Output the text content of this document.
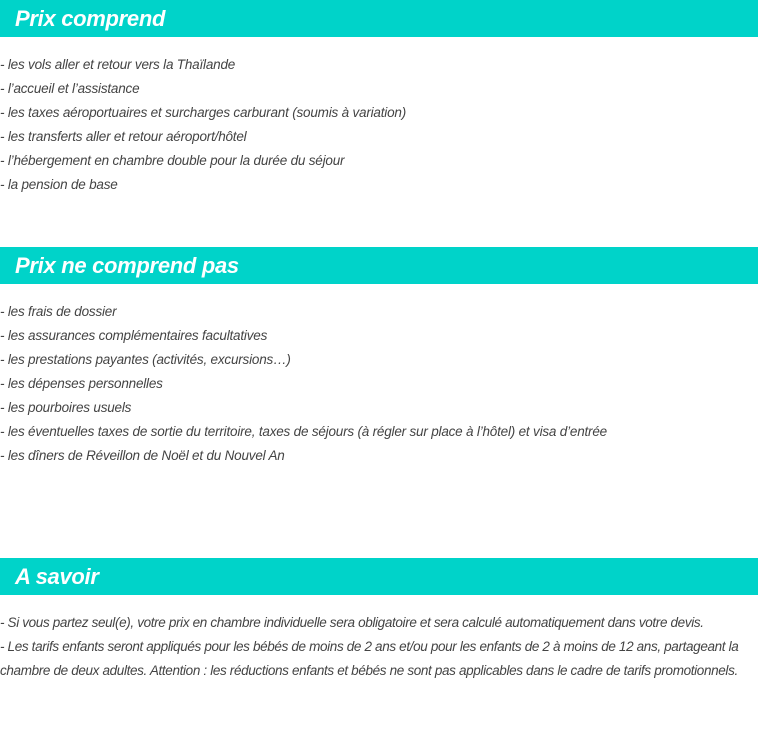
Prix comprend
- les vols aller et retour vers la Thaïlande
- l’accueil et l’assistance
- les taxes aéroportuaires et surcharges carburant (soumis à variation)
- les transferts aller et retour aéroport/hôtel
- l’hébergement en chambre double pour la durée du séjour
- la pension de base
Prix ne comprend pas
- les frais de dossier
- les assurances complémentaires facultatives
- les prestations payantes (activités, excursions…)
- les dépenses personnelles
- les pourboires usuels
- les éventuelles taxes de sortie du territoire, taxes de séjours (à régler sur place à l’hôtel) et visa d’entrée
- les dîners de Réveillon de Noël et du Nouvel An
A savoir

- Si vous partez seul(e), votre prix en chambre individuelle sera obligatoire et sera calculé automatiquement dans votre devis.

- Les tarifs enfants seront appliqués pour les bébés de moins de 2 ans et/ou pour les enfants de 2 à moins de 12 ans, partageant la chambre de deux adultes. Attention : les réductions enfants et bébés ne sont pas applicables dans le cadre de tarifs promotionnels.
